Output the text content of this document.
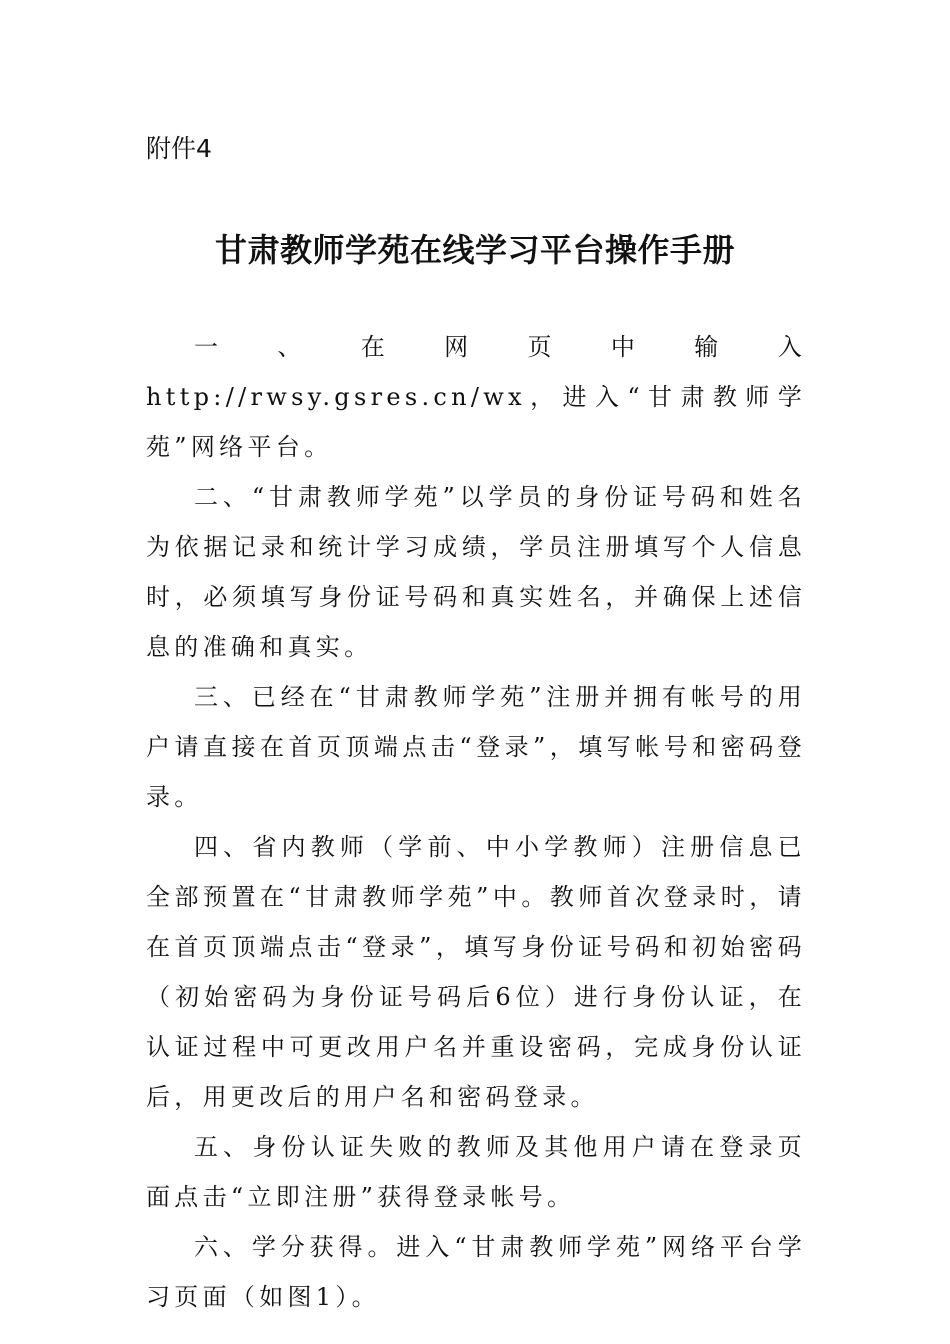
附件4
甘肃教师学苑在线学习平台操作手册

一、在网页中输入http://rwsy.gsres.cn/wx，进入“甘肃教师学苑”网络平台。

二、“甘肃教师学苑”以学员的身份证号码和姓名为依据记录和统计学习成绩，学员注册填写个人信息时，必须填写身份证号码和真实姓名，并确保上述信息的准确和真实。

三、已经在“甘肃教师学苑”注册并拥有帐号的用户请直接在首页顶端点击“登录”，填写帐号和密码登录。

四、省内教师（学前、中小学教师）注册信息已全部预置在“甘肃教师学苑”中。教师首次登录时，请在首页顶端点击“登录”，填写身份证号码和初始密码（初始密码为身份证号码后6位）进行身份认证，在认证过程中可更改用户名并重设密码，完成身份认证后，用更改后的用户名和密码登录。

五、身份认证失败的教师及其他用户请在登录页面点击“立即注册”获得登录帐号。

六、学分获得。进入“甘肃教师学苑”网络平台学习页面（如图1）。
